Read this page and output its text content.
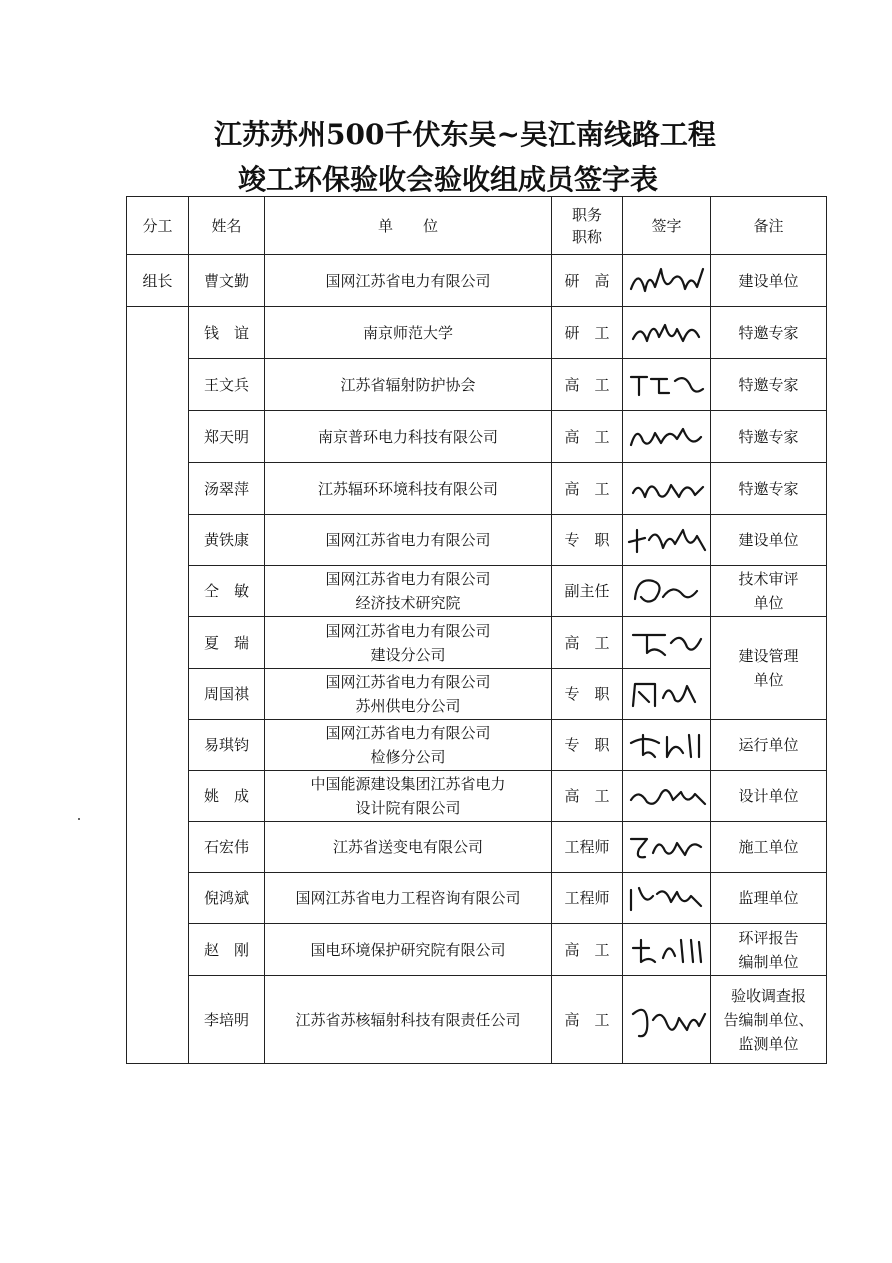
江苏苏州500千伏东吴~吴江南线路工程
竣工环保验收会验收组成员签字表
分工	姓名	单　　位	职务职称	签字	备注
组长	曹文勤	国网江苏省电力有限公司	研　高		建设单位

	钱　谊	南京师范大学	研　工		特邀专家

	王文兵	江苏省辐射防护协会	高　工		特邀专家

	郑天明	南京普环电力科技有限公司	高　工		特邀专家

	汤翠萍	江苏辐环环境科技有限公司	高　工		特邀专家

	黄铁康	国网江苏省电力有限公司	专　职		建设单位

	仝　敏	国网江苏省电力有限公司
经济技术研究院	副主任		技术审评
单位

	夏　瑞	国网江苏省电力有限公司
建设分公司	高　工		建设管理
单位

	周国祺	国网江苏省电力有限公司
苏州供电分公司	专　职	

	易琪钧	国网江苏省电力有限公司
检修分公司	专　职		运行单位

	姚　成	中国能源建设集团江苏省电力
设计院有限公司	高　工		设计单位

	石宏伟	江苏省送变电有限公司	工程师		施工单位

	倪鸿斌	国网江苏省电力工程咨询有限公司	工程师		监理单位

	赵　刚	国电环境保护研究院有限公司	高　工		环评报告
编制单位

	李培明	江苏省苏核辐射科技有限责任公司	高　工		验收调查报
告编制单位、
监测单位
